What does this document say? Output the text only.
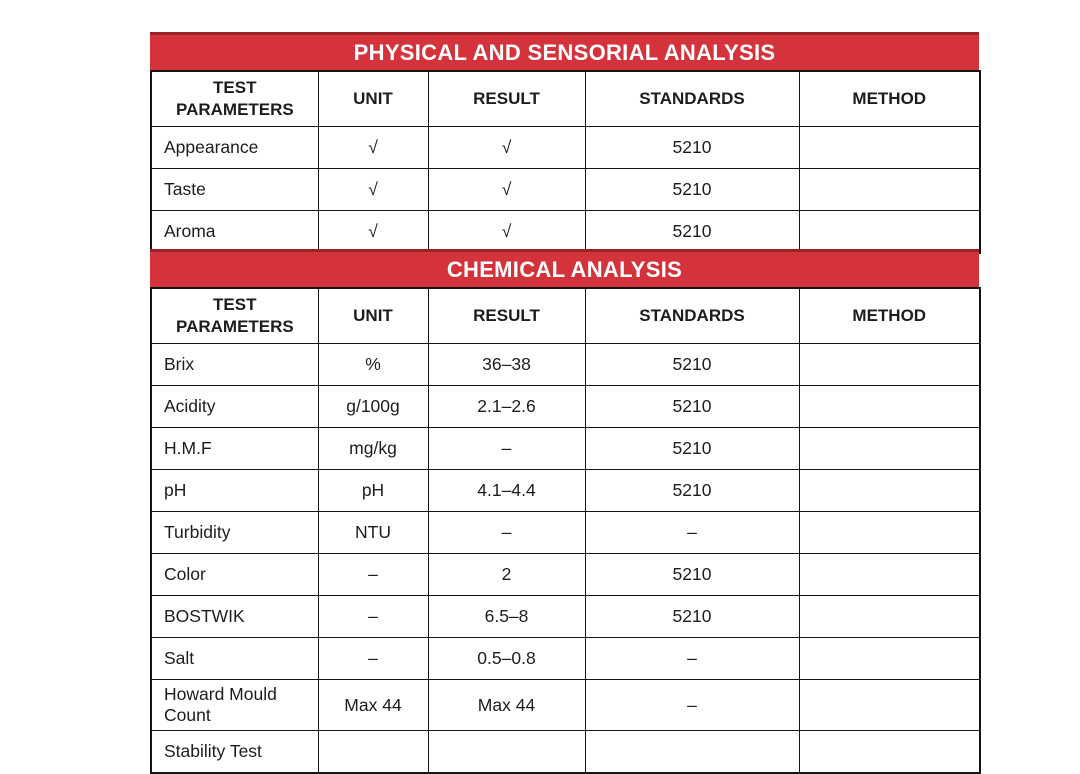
PHYSICAL AND SENSORIAL ANALYSIS
TEST PARAMETERS	UNIT	RESULT	STANDARDS	METHOD
Appearance	√	√	5210	
Taste	√	√	5210	
Aroma	√	√	5210	
CHEMICAL ANALYSIS
TEST PARAMETERS	UNIT	RESULT	STANDARDS	METHOD
Brix	%	36–38	5210	
Acidity	g/100g	2.1–2.6	5210	
H.M.F	mg/kg	–	5210	
pH	pH	4.1–4.4	5210	
Turbidity	NTU	–	–	
Color	–	2	5210	
BOSTWIK	–	6.5–8	5210	
Salt	–	0.5–0.8	–	
Howard Mould Count	Max 44	Max 44	–	
Stability Test				
